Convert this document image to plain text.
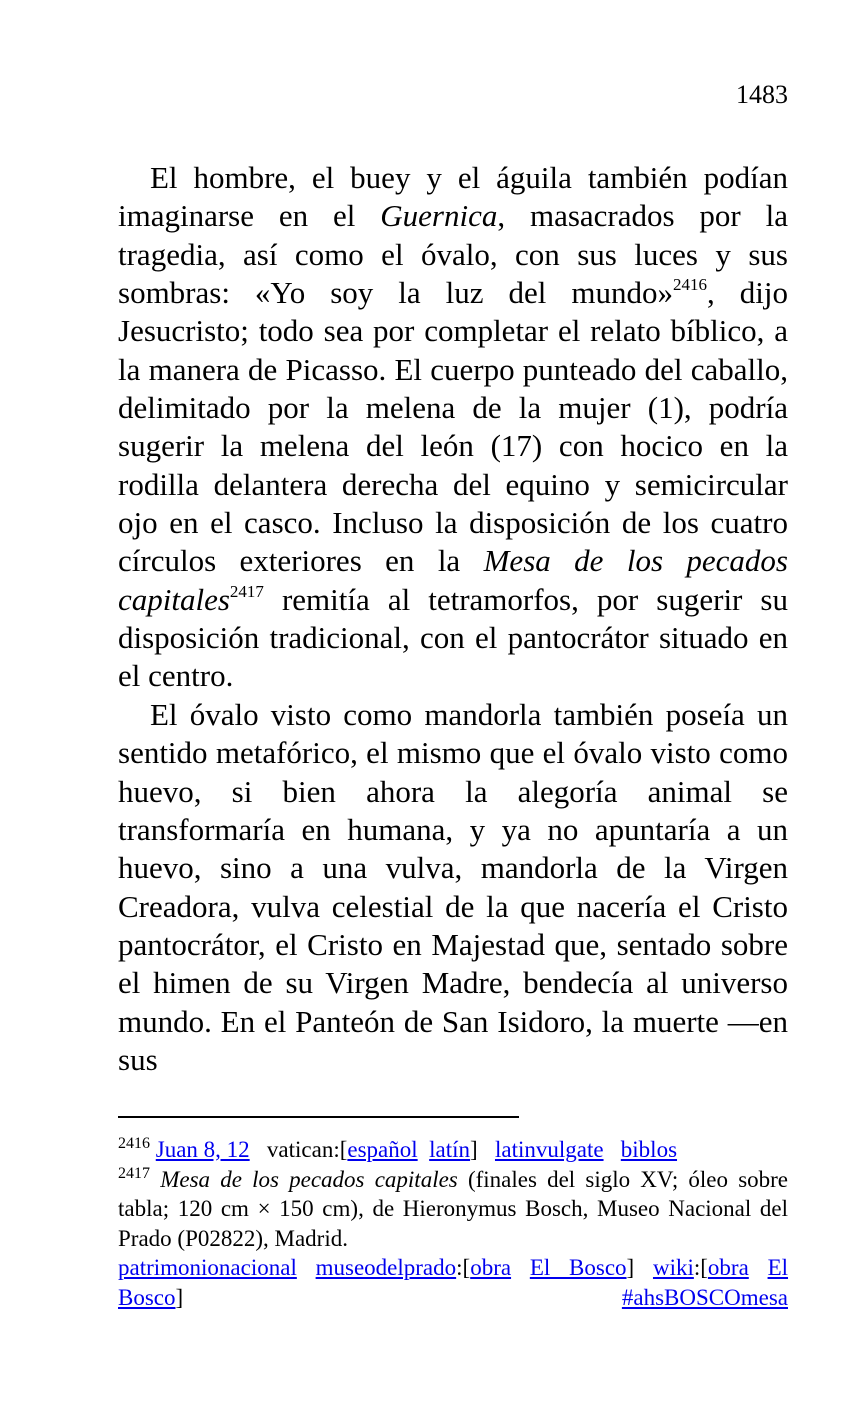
1483

El hombre, el buey y el águila también podían imaginarse en el Guernica, masacrados por la tragedia, así como el óvalo, con sus luces y sus sombras: «Yo soy la luz del mundo»$^{2416}$, dijo Jesucristo; todo sea por completar el relato bíblico, a la manera de Picasso. El cuerpo punteado del caballo, delimitado por la melena de la mujer (1), podría sugerir la melena del león (17) con hocico en la rodilla delantera derecha del equino y semicircular ojo en el casco. Incluso la disposición de los cuatro círculos exteriores en la Mesa de los pecados capitales$^{2417}$ remitía al tetramorfos, por sugerir su disposición tradicional, con el pantocrátor situado en el centro.

El óvalo visto como mandorla también poseía un sentido metafórico, el mismo que el óvalo visto como huevo, si bien ahora la alegoría animal se transformaría en humana, y ya no apuntaría a un huevo, sino a una vulva, mandorla de la Virgen Creadora, vulva celestial de la que nacería el Cristo pantocrátor, el Cristo en Majestad que, sentado sobre el himen de su Virgen Madre, bendecía al universo mundo. En el Panteón de San Isidoro, la muerte —en sus

$^{2416}$ Juan 8, 12 vatican:[español latín] latinvulgate biblos

$^{2417}$ Mesa de los pecados capitales (finales del siglo XV; óleo sobre tabla; 120 cm × 150 cm), de Hieronymus Bosch, Museo Nacional del Prado (P02822), Madrid.

patrimonionacional museodelprado:[obra El Bosco] wiki:[obra El Bosco]	#ahsBOSCOmesa
